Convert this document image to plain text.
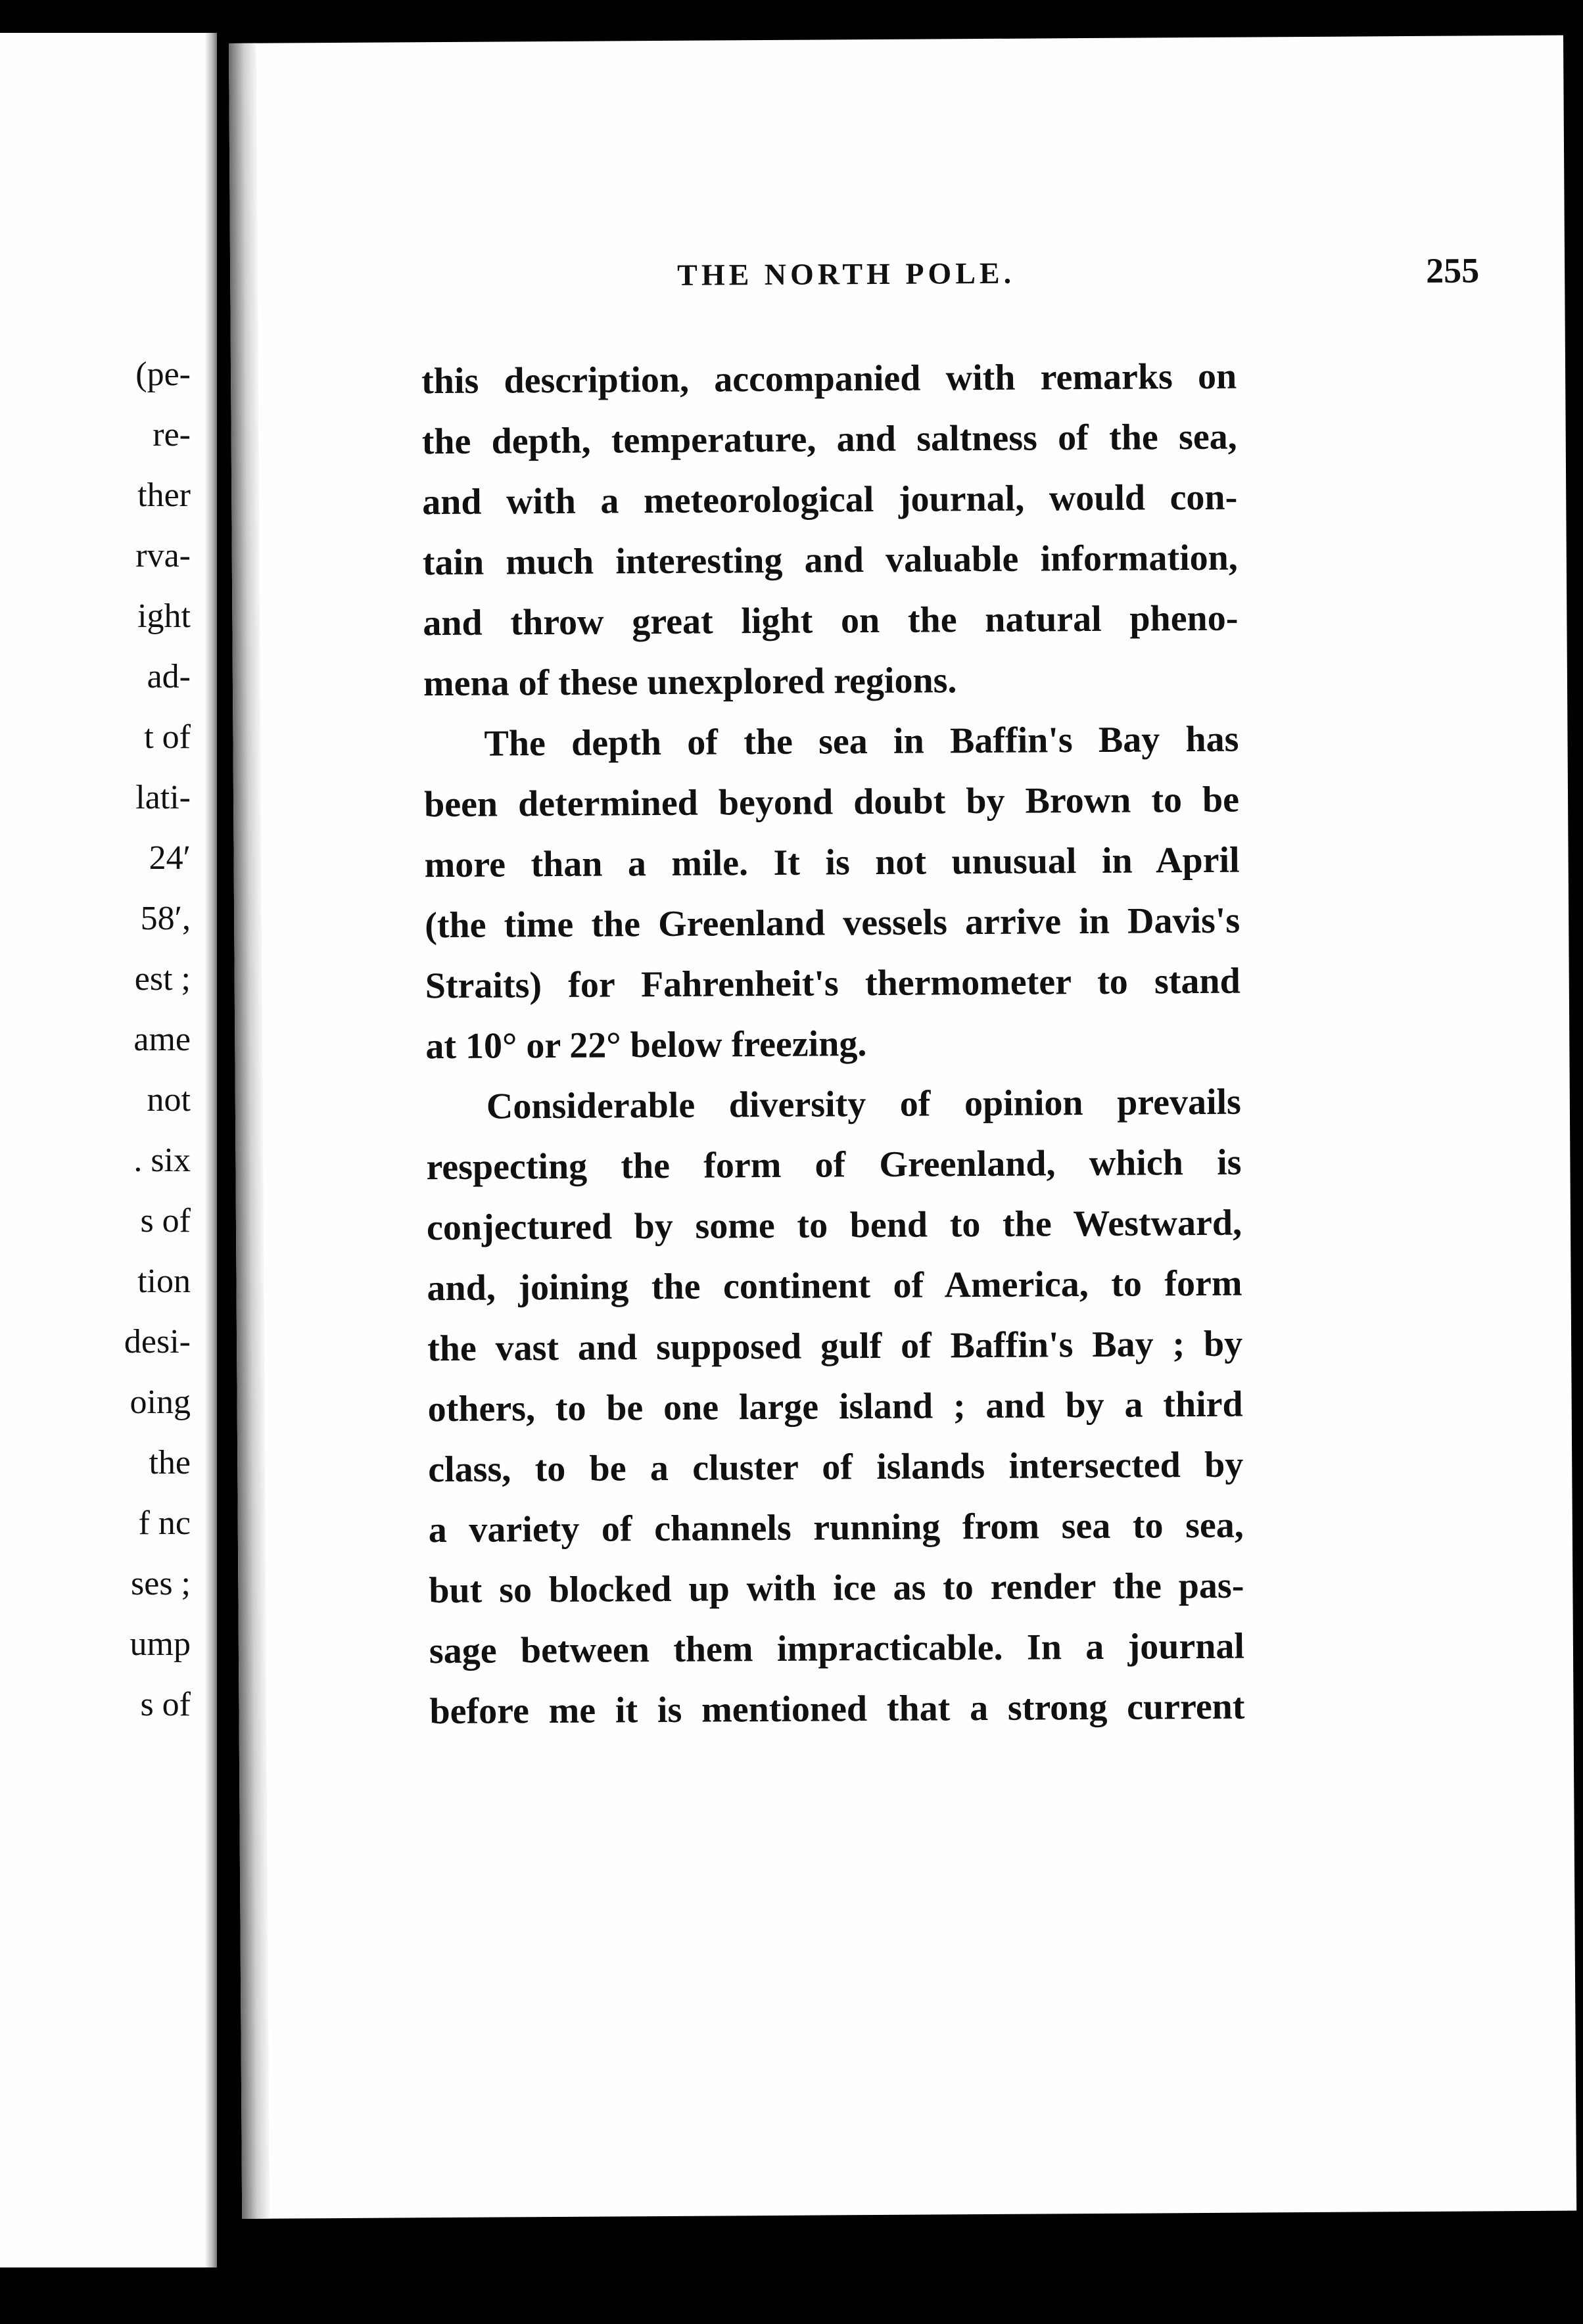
(pe-
re-
ther
rva-
ight
ad-
t of
lati-
24′
58′,
est ;
ame
not
. six
s of
tion
desi-
oing
the
f nc
ses ;
ump
s of
THE NORTH POLE.	255
this description, accompanied with remarks on
the depth, temperature, and saltness of the sea,
and with a meteorological journal, would con-
tain much interesting and valuable information,
and throw great light on the natural pheno-
mena of these unexplored regions.
The depth of the sea in Baffin's Bay has
been determined beyond doubt by Brown to be
more than a mile. It is not unusual in April
(the time the Greenland vessels arrive in Davis's
Straits) for Fahrenheit's thermometer to stand
at 10° or 22° below freezing.
Considerable diversity of opinion prevails
respecting the form of Greenland, which is
conjectured by some to bend to the Westward,
and, joining the continent of America, to form
the vast and supposed gulf of Baffin's Bay ; by
others, to be one large island ; and by a third
class, to be a cluster of islands intersected by
a variety of channels running from sea to sea,
but so blocked up with ice as to render the pas-
sage between them impracticable. In a journal
before me it is mentioned that a strong current
